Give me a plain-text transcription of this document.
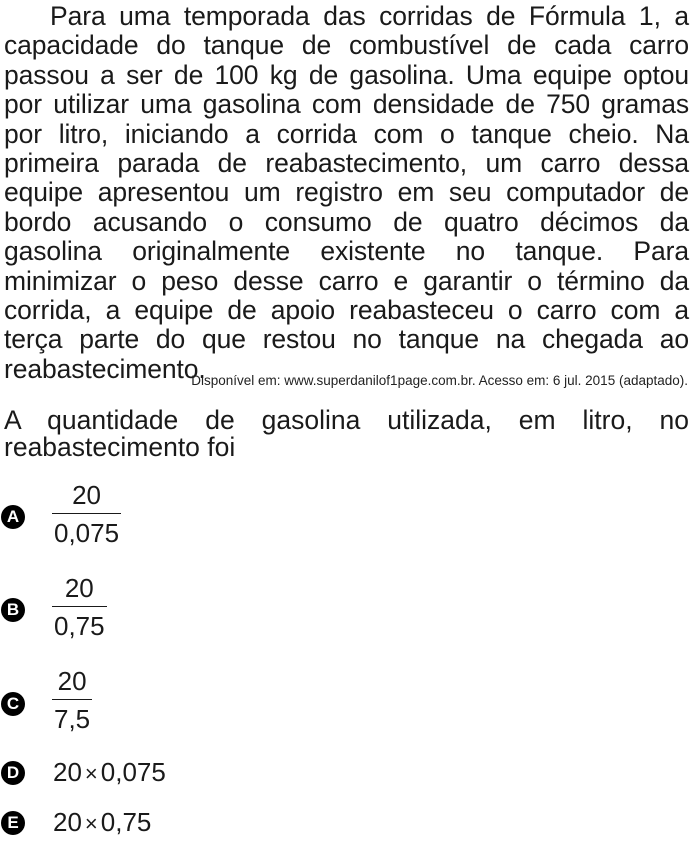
Para uma temporada das corridas de Fórmula 1, a capacidade do tanque de combustível de cada carro passou a ser de 100 kg de gasolina. Uma equipe optou por utilizar uma gasolina com densidade de 750 gramas por litro, iniciando a corrida com o tanque cheio. Na primeira parada de reabastecimento, um carro dessa equipe apresentou um registro em seu computador de bordo acusando o consumo de quatro décimos da gasolina originalmente existente no tanque. Para minimizar o peso desse carro e garantir o término da corrida, a equipe de apoio reabasteceu o carro com a terça parte do que restou no tanque na chegada ao reabastecimento.

Disponível em: www.superdanilof1page.com.br. Acesso em: 6 jul. 2015 (adaptado).
A quantidade de gasolina utilizada, em litro, no reabastecimento foi
A
20
0,075
B
20
0,75
C
20
7,5
D 20 × 0,075
E 20 × 0,75
